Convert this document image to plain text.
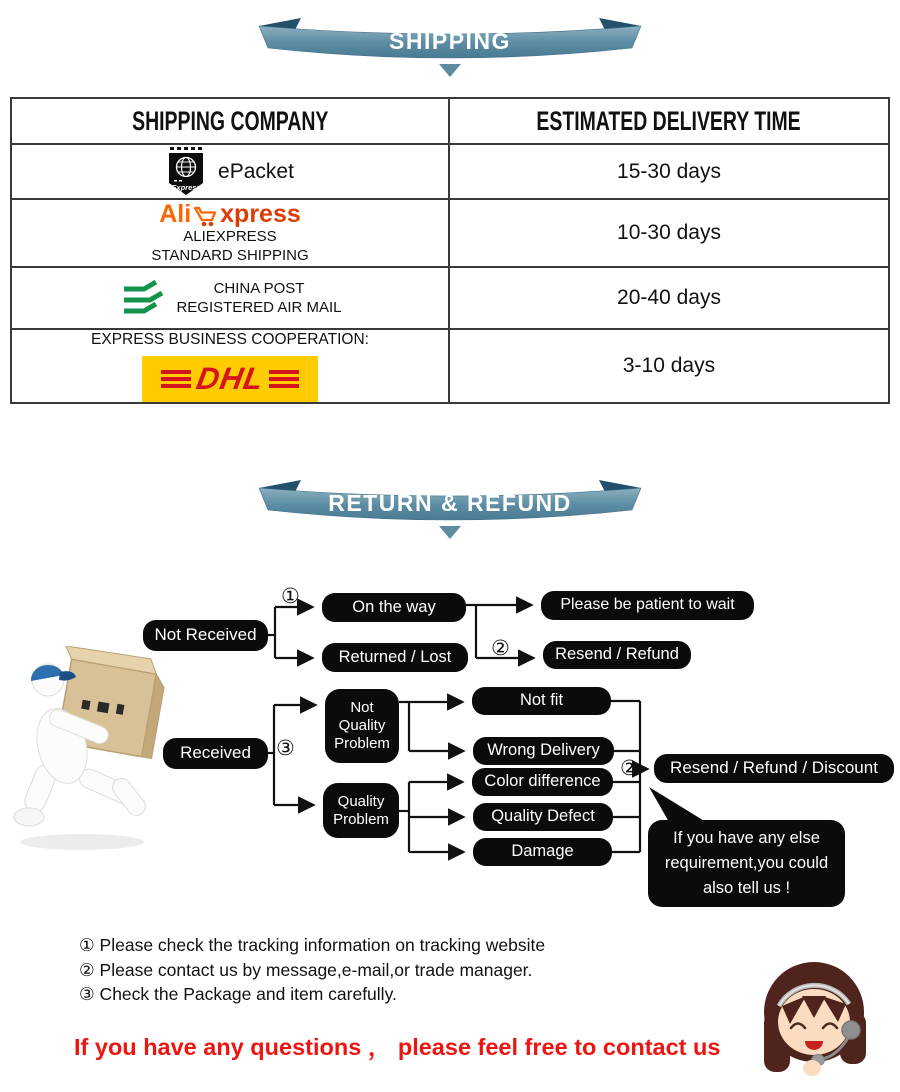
SHIPPING
SHIPPING COMPANY	ESTIMATED DELIVERY TIME

Express
ePacket	15-30 days

Ali xpress
ALIEXPRESS
STANDARD SHIPPING	10-30 days

CHINA POST
REGISTERED AIR MAIL	20-40 days

EXPRESS BUSINESS COOPERATION:
DHL	3-10 days
RETURN & REFUND
Not Received
①	On the way
Returned / Lost
Please be patient to wait
②	Resend / Refund
Received	③
Not Quality Problem
Quality Problem
Not fit
Wrong Delivery
Color difference
Quality Defect
Damage
②	Resend / Refund / Discount
If you have any else
requirement,you could
also tell us !
① Please check the tracking information on tracking website
② Please contact us by message,e-mail,or trade manager.
③ Check the Package and item carefully.
If you have any questions ， please feel free to contact us
